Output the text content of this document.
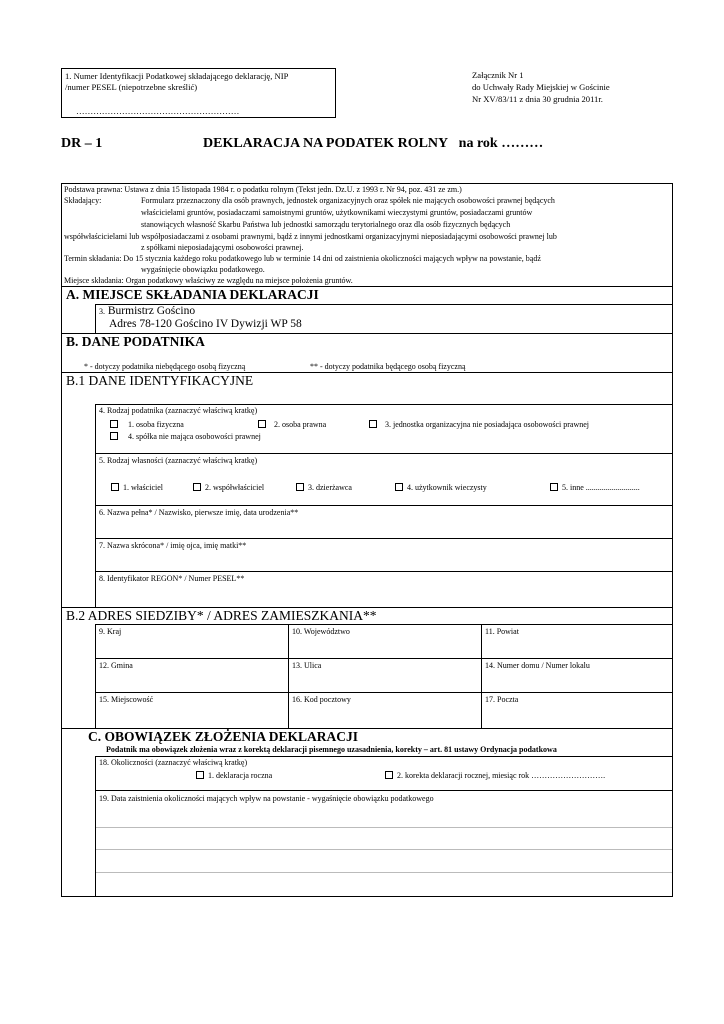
1. Numer Identyfikacji Podatkowej składającego deklarację, NIP
/numer PESEL (niepotrzebne skreślić)
…………………………………………………
Załącznik Nr 1
do Uchwały Rady Miejskiej w Gościnie
Nr XV/83/11 z dnia 30 grudnia 2011r.
DR – 1	DEKLARACJA NA PODATEK ROLNY na rok ………
Podstawa prawna: Ustawa z dnia 15 listopada 1984 r. o podatku rolnym (Tekst jedn. Dz.U. z 1993 r. Nr 94, poz. 431 ze zm.)
Składający:	Formularz przeznaczony dla osób prawnych, jednostek organizacyjnych oraz spółek nie mających osobowości prawnej będących
właścicielami gruntów, posiadaczami samoistnymi gruntów, użytkownikami wieczystymi gruntów, posiadaczami gruntów
stanowiących własność Skarbu Państwa lub jednostki samorządu terytorialnego oraz dla osób fizycznych będących
współwłaścicielami lub współposiadaczami z osobami prawnymi, bądź z innymi jednostkami organizacyjnymi nieposiadającymi osobowości prawnej lub
z spółkami nieposiadającymi osobowości prawnej.
Termin składania: Do 15 stycznia każdego roku podatkowego lub w terminie 14 dni od zaistnienia okoliczności mających wpływ na powstanie, bądź
wygaśnięcie obowiązku podatkowego.
Miejsce składania: Organ podatkowy właściwy ze względu na miejsce położenia gruntów.
A. MIEJSCE SKŁADANIA DEKLARACJI
3. Burmistrz Gościno
Adres 78-120 Gościno IV Dywizji WP 58
B. DANE PODATNIKA
* - dotyczy podatnika niebędącego osobą fizyczną	** - dotyczy podatnika będącego osobą fizyczną
B.1 DANE IDENTYFIKACYJNE
4. Rodzaj podatnika (zaznaczyć właściwą kratkę)
1. osoba fizyczna	2. osoba prawna	3. jednostka organizacyjna nie posiadająca osobowości prawnej
4. spółka nie mająca osobowości prawnej
5. Rodzaj własności (zaznaczyć właściwą kratkę)
1. właściciel	2. współwłaściciel	3. dzierżawca	4. użytkownik wieczysty	5. inne ...........................
6. Nazwa pełna* / Nazwisko, pierwsze imię, data urodzenia**
7. Nazwa skrócona* / imię ojca, imię matki**
8. Identyfikator REGON* / Numer PESEL**
B.2 ADRES SIEDZIBY* / ADRES ZAMIESZKANIA**
9. Kraj	10. Województwo	11. Powiat
12. Gmina	13. Ulica	14. Numer domu / Numer lokalu
15. Miejscowość	16. Kod pocztowy	17. Poczta
C. OBOWIĄZEK ZŁOŻENIA DEKLARACJI
Podatnik ma obowiązek złożenia wraz z korektą deklaracji pisemnego uzasadnienia, korekty – art. 81 ustawy Ordynacja podatkowa
18. Okoliczności (zaznaczyć właściwą kratkę)
1. deklaracja roczna	2. korekta deklaracji rocznej, miesiąc rok ……………………….
19. Data zaistnienia okoliczności mających wpływ na powstanie - wygaśnięcie obowiązku podatkowego
